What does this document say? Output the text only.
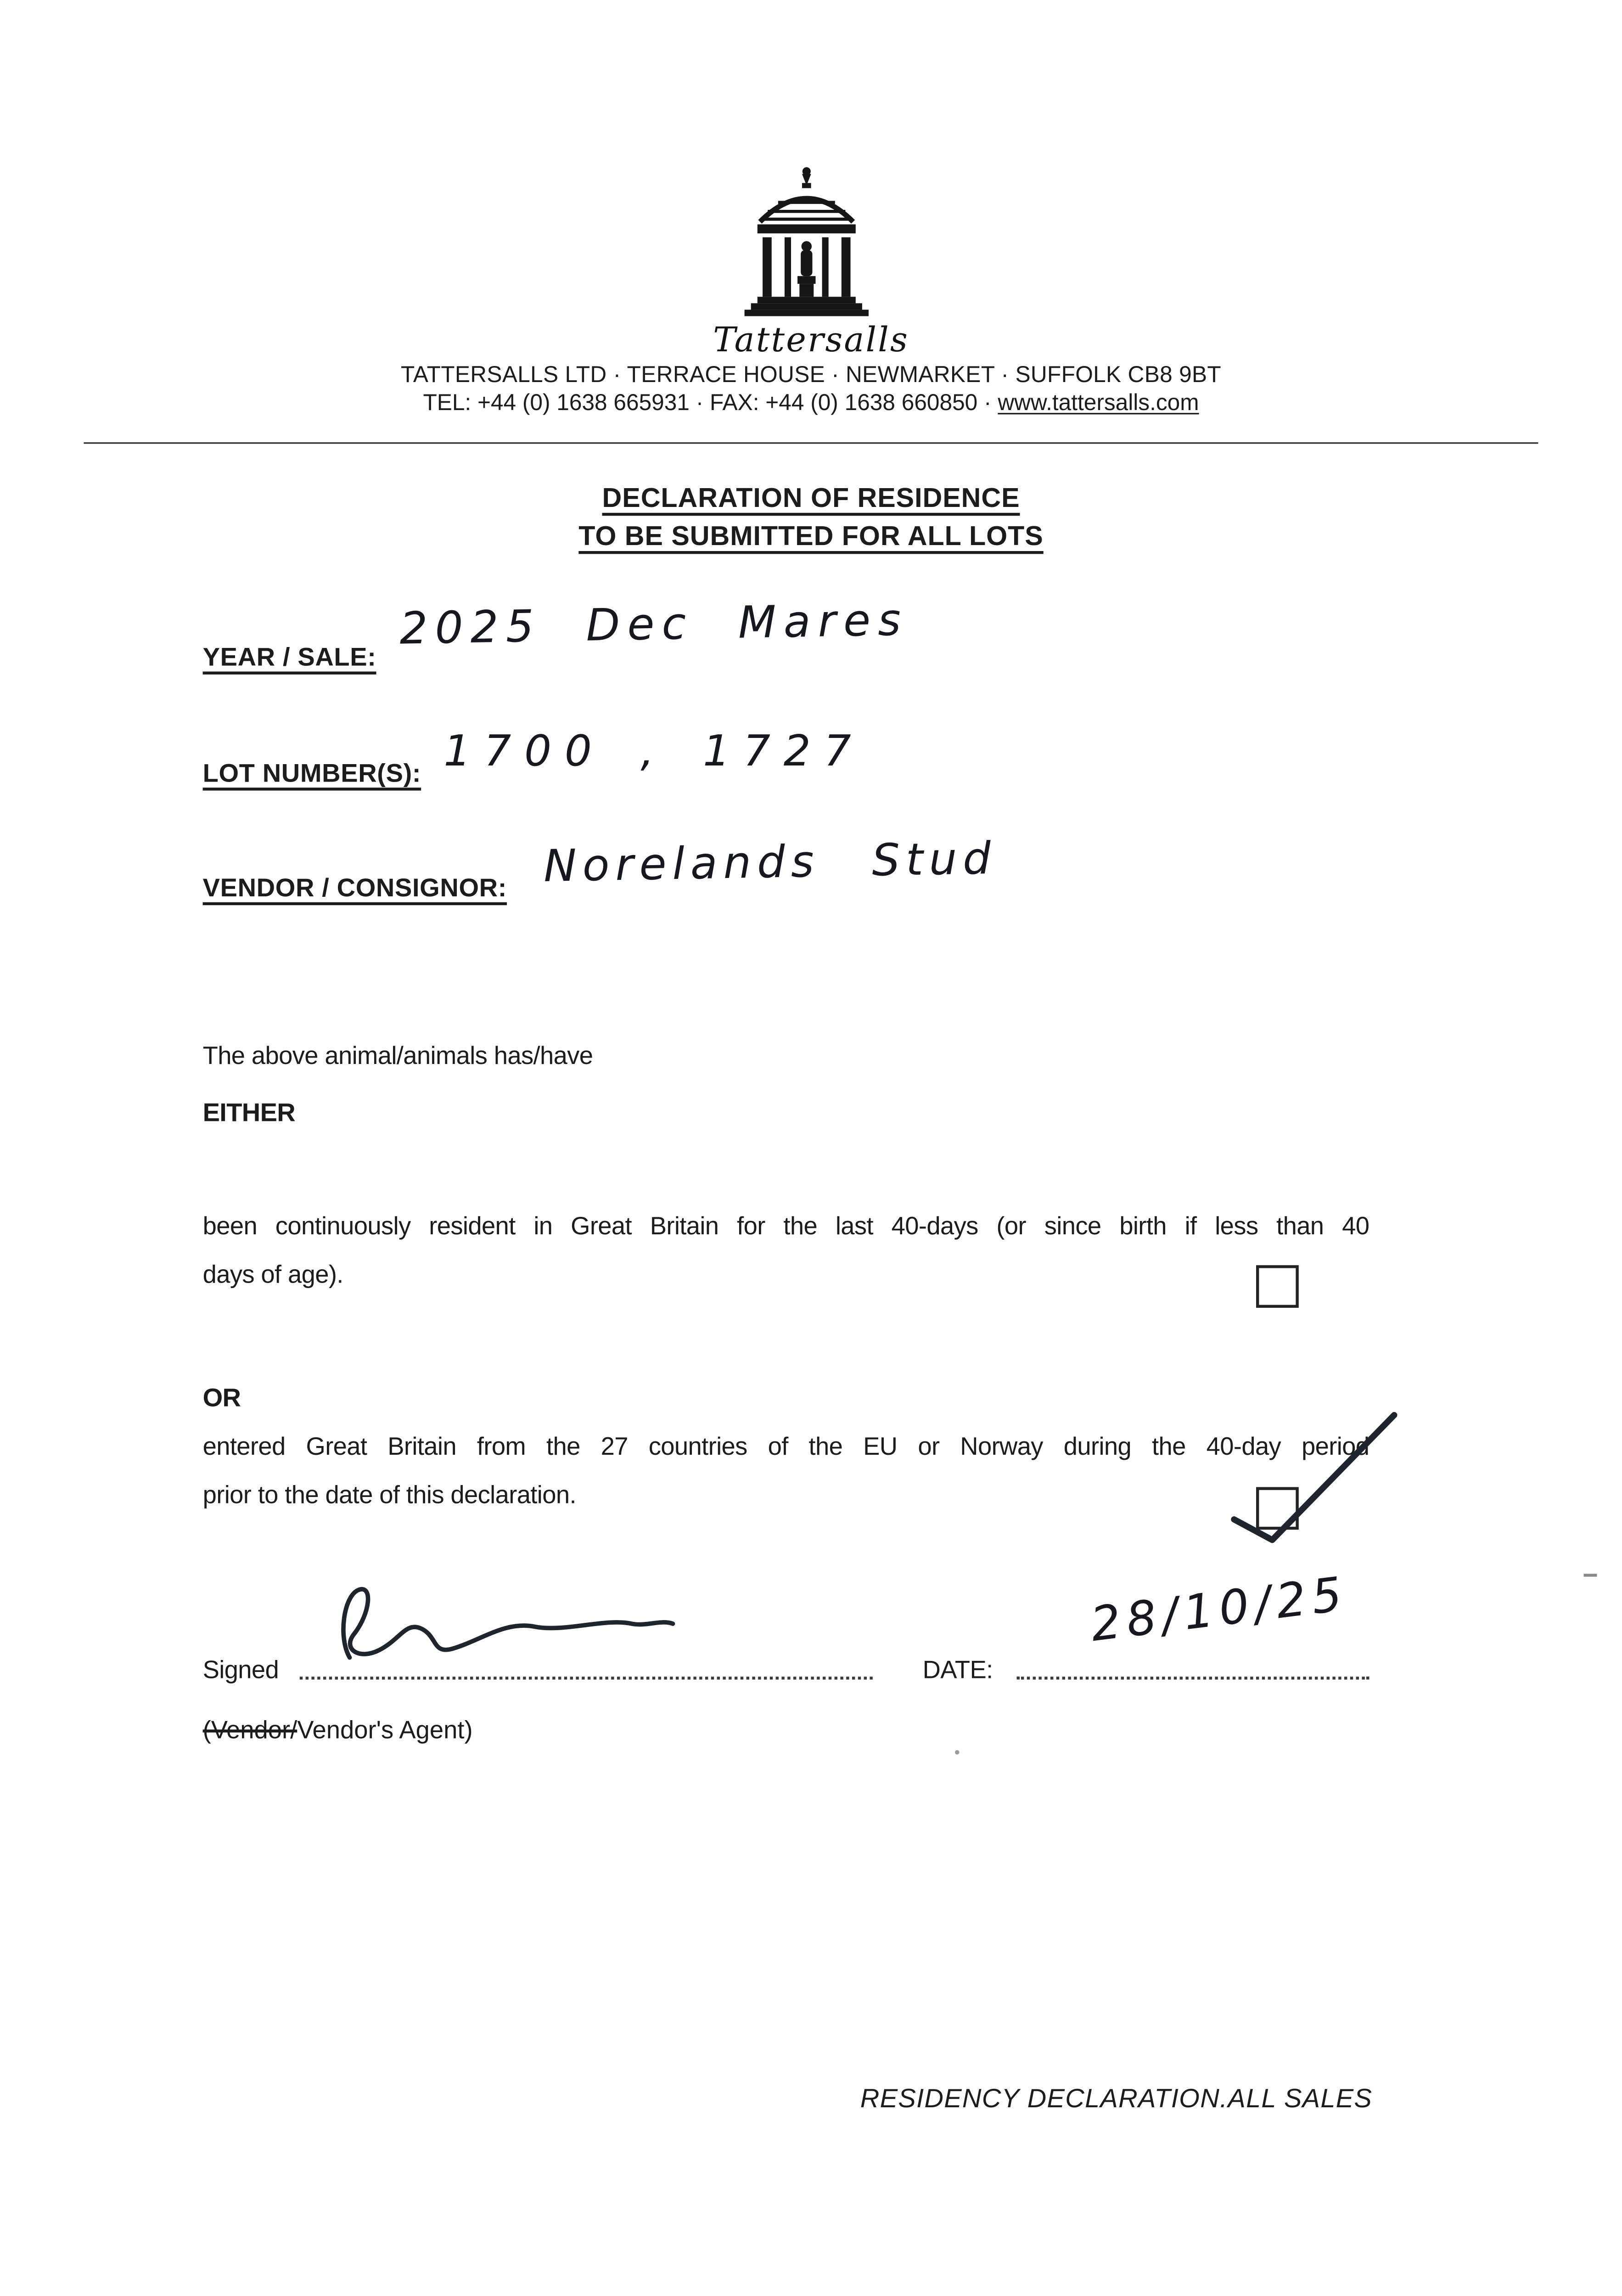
Tattersalls
TATTERSALLS LTD · TERRACE HOUSE · NEWMARKET · SUFFOLK CB8 9BT
TEL: +44 (0) 1638 665931 · FAX: +44 (0) 1638 660850 · www.tattersalls.com
DECLARATION OF RESIDENCE
TO BE SUBMITTED FOR ALL LOTS
YEAR / SALE:
2025 Dec Mares
LOT NUMBER(S): 1700 , 1727
VENDOR / CONSIGNOR:	Norelands Stud
The above animal/animals has/have
EITHER
been continuously resident in Great Britain for the last 40-days (or since birth if less than 40
days of age).
OR
entered Great Britain from the 27 countries of the EU or Norway during the 40-day period
prior to the date of this declaration.
Signed	DATE:
28/10/25
(Vendor/Vendor's Agent)
RESIDENCY DECLARATION.ALL SALES
